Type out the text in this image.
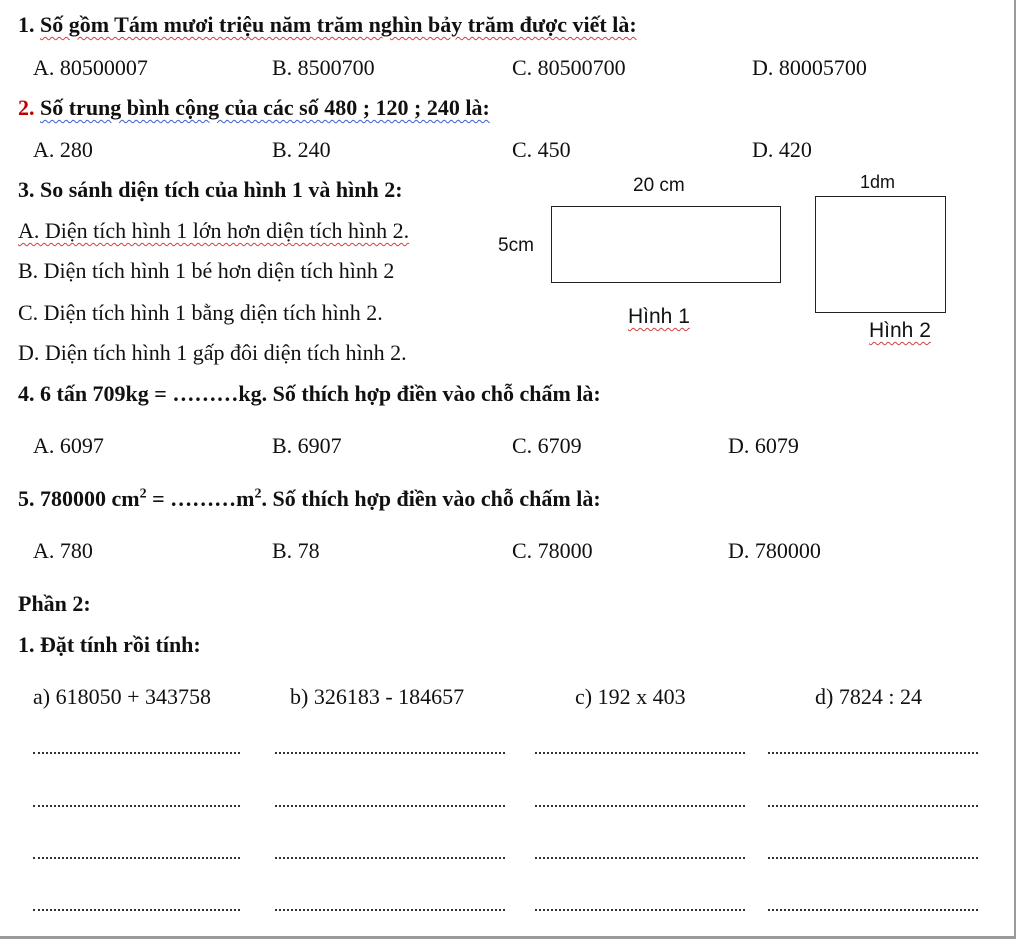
1. Số gồm Tám mươi triệu năm trăm nghìn bảy trăm được viết là:
A. 80500007	B. 8500700	C. 80500700	D. 80005700
2. Số trung bình cộng của các số 480 ; 120 ; 240 là:
A. 280	B. 240	C. 450	D. 420
3. So sánh diện tích của hình 1 và hình 2:
A. Diện tích hình 1 lớn hơn diện tích hình 2.
B. Diện tích hình 1 bé hơn diện tích hình 2
C. Diện tích hình 1 bằng diện tích hình 2.
D. Diện tích hình 1 gấp đôi diện tích hình 2.
20 cm
5cm
Hình 1
1dm
Hình 2
4. 6 tấn 709kg = ………kg. Số thích hợp điền vào chỗ chấm là:
A. 6097	B. 6907	C. 6709	D. 6079
5. 780000 $cm^2$ = $\dots\dots\dots m^2$. Số thích hợp điền vào chỗ chấm là:
A. 780	B. 78	C. 78000	D. 780000
Phần 2:
1. Đặt tính rồi tính:
a) 618050 + 343758	b) 326183 - 184657	c) 192 x 403	d) 7824 : 24
